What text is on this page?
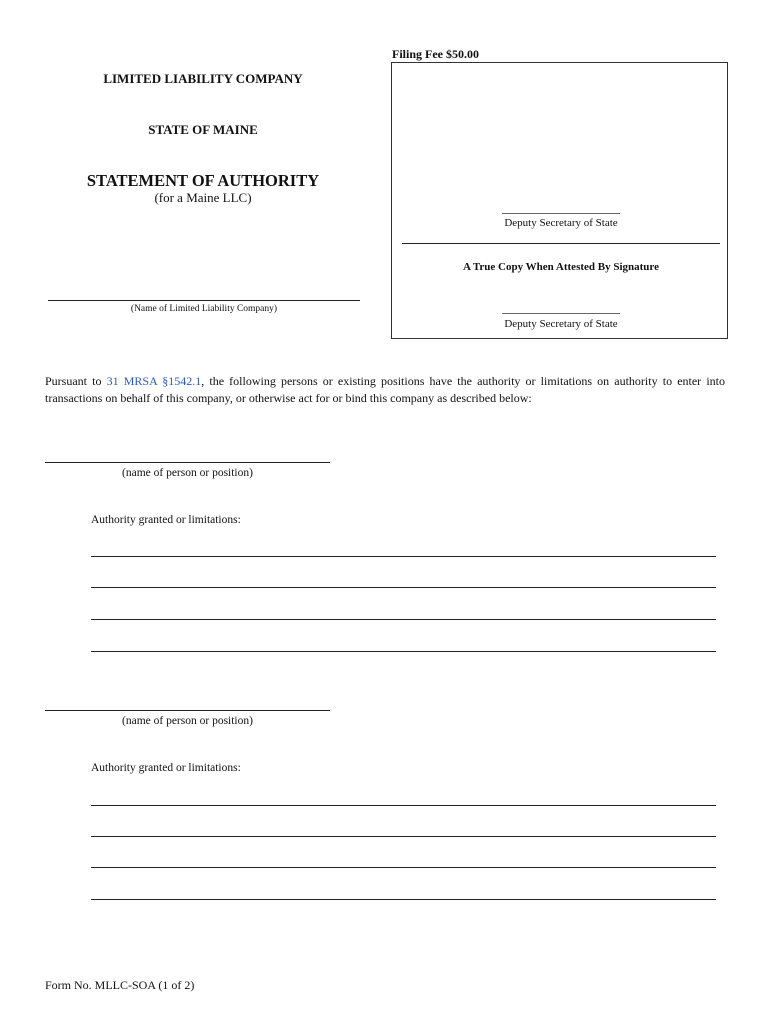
Filing Fee $50.00
Deputy Secretary of State
A True Copy When Attested By Signature
Deputy Secretary of State
LIMITED LIABILITY COMPANY
STATE OF MAINE
STATEMENT OF AUTHORITY
(for a Maine LLC)
(Name of Limited Liability Company)
Pursuant to 31 MRSA §1542.1, the following persons or existing positions have the authority or limitations on authority to enter into transactions on behalf of this company, or otherwise act for or bind this company as described below:
(name of person or position)
Authority granted or limitations:
(name of person or position)
Authority granted or limitations:
Form No. MLLC-SOA (1 of 2)
